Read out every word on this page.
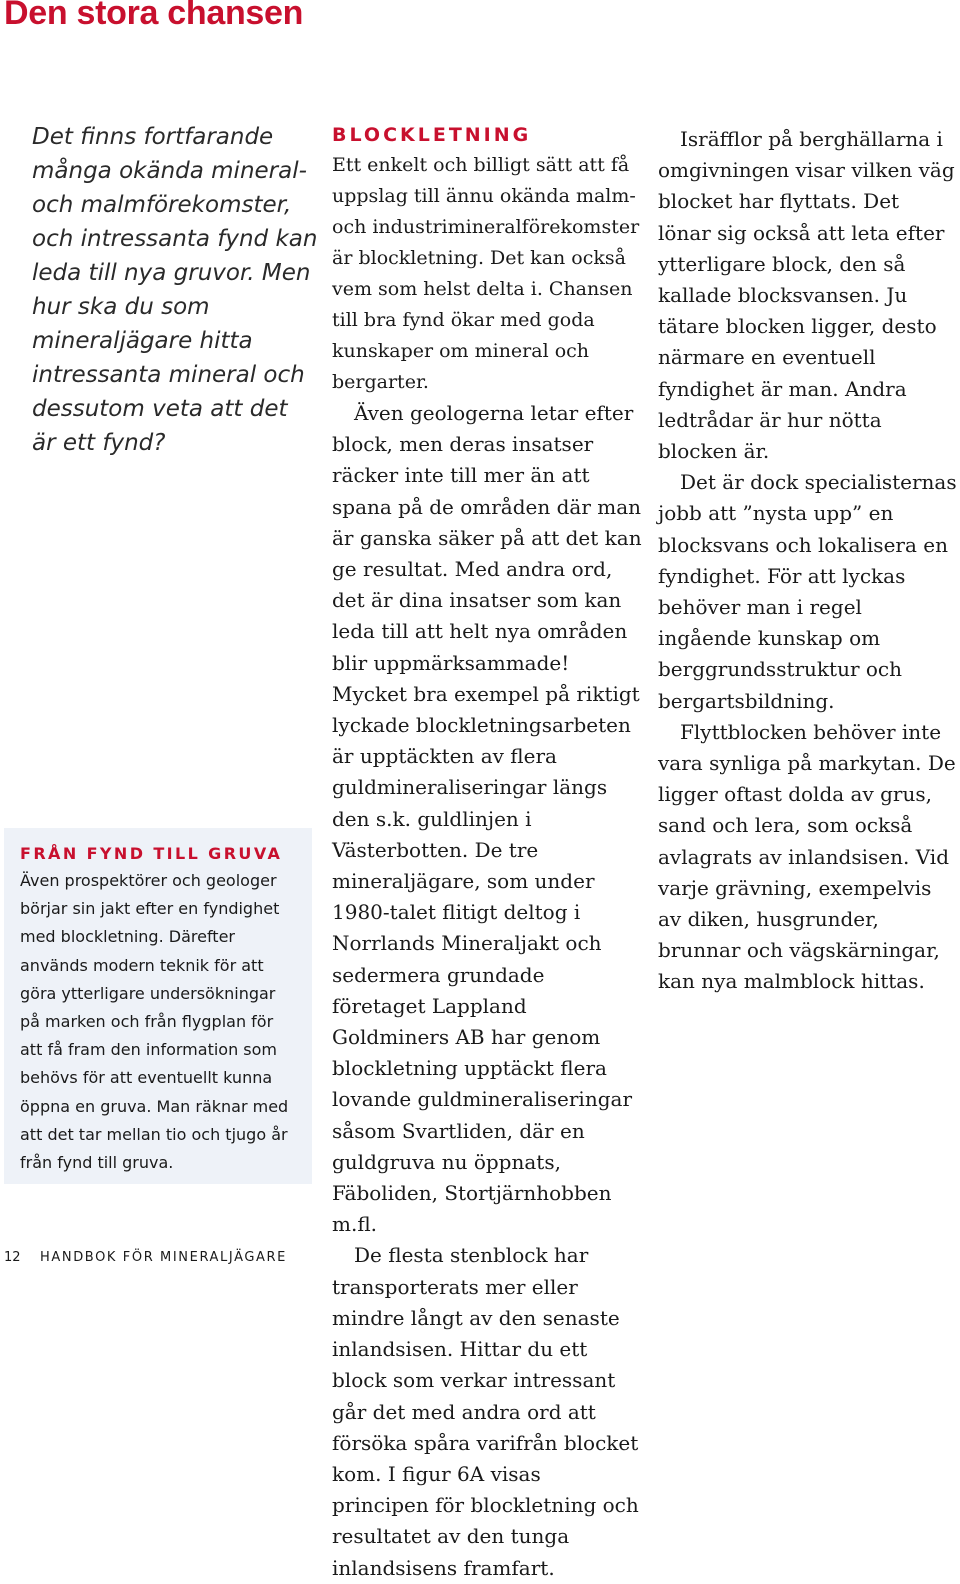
Den stora chansen

Det finns fortfarande många okända mineral- och malmförekomster, och intressanta fynd kan leda till nya gruvor. Men hur ska du som mineraljägare hitta intressanta mineral och dessutom veta att det är ett fynd?

FRÅN FYND TILL GRUVA

Även prospektörer och geologer börjar sin jakt efter en fyndighet med blockletning. Därefter används modern teknik för att göra ytterligare undersökningar på marken och från flygplan för att få fram den information som behövs för att eventuellt kunna öppna en gruva. Man räknar med att det tar mellan tio och tjugo år från fynd till gruva.

BLOCKLETNING

Ett enkelt och billigt sätt att få uppslag till ännu okända malm- och industrimineralförekomster är blockletning. Det kan också vem som helst delta i. Chansen till bra fynd ökar med goda kunskaper om mineral och bergarter.

Även geologerna letar efter block, men deras insatser räcker inte till mer än att spana på de områden där man är ganska säker på att det kan ge resultat. Med andra ord, det är dina insatser som kan leda till att helt nya områden blir uppmärksammade! Mycket bra exempel på riktigt lyckade blockletningsarbeten är upptäckten av flera guldmineraliseringar längs den s.k. guldlinjen i Västerbotten. De tre mineraljägare, som under 1980-talet flitigt deltog i Norrlands Mineraljakt och sedermera grundade företaget Lappland Goldminers AB har genom blockletning upptäckt flera lovande guldmineraliseringar såsom Svartliden, där en guldgruva nu öppnats, Fäboliden, Stortjärnhobben m.fl.

De flesta stenblock har transporterats mer eller mindre långt av den senaste inlandsisen. Hittar du ett block som verkar intressant går det med andra ord att försöka spåra varifrån blocket kom. I figur 6A visas principen för blockletning och resultatet av den tunga inlandsisens framfart.

Isräfflor på berghällarna i omgivningen visar vilken väg blocket har flyttats. Det lönar sig också att leta efter ytterligare block, den så kallade blocksvansen. Ju tätare blocken ligger, desto närmare en eventuell fyndighet är man. Andra ledtrådar är hur nötta blocken är.

Det är dock specialisternas jobb att ”nysta upp” en blocksvans och lokalisera en fyndighet. För att lyckas behöver man i regel ingående kunskap om berggrundsstruktur och bergartsbildning.

Flyttblocken behöver inte vara synliga på markytan. De ligger oftast dolda av grus, sand och lera, som också avlagrats av inlandsisen. Vid varje grävning, exempelvis av diken, husgrunder, brunnar och vägskärningar, kan nya malmblock hittas.

12 HANDBOK FÖR MINERALJÄGARE
